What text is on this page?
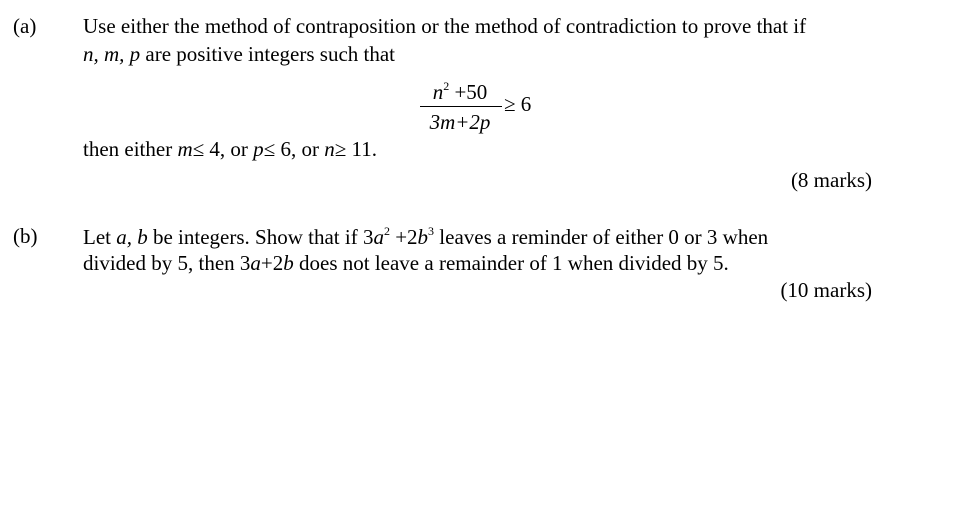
(a) Use either the method of contraposition or the method of contradiction to prove that if
n, m, p are positive integers such that
$\frac{n^2 +50}{3m+2p} \ge 6$
then either m≤ 4, or p≤ 6, or n≥ 11.
(8 marks)
(b) Let a, b be integers. Show that if $3a^2 +2b^3$ leaves a reminder of either 0 or 3 when
divided by 5, then 3a+2b does not leave a remainder of 1 when divided by 5.
(10 marks)
